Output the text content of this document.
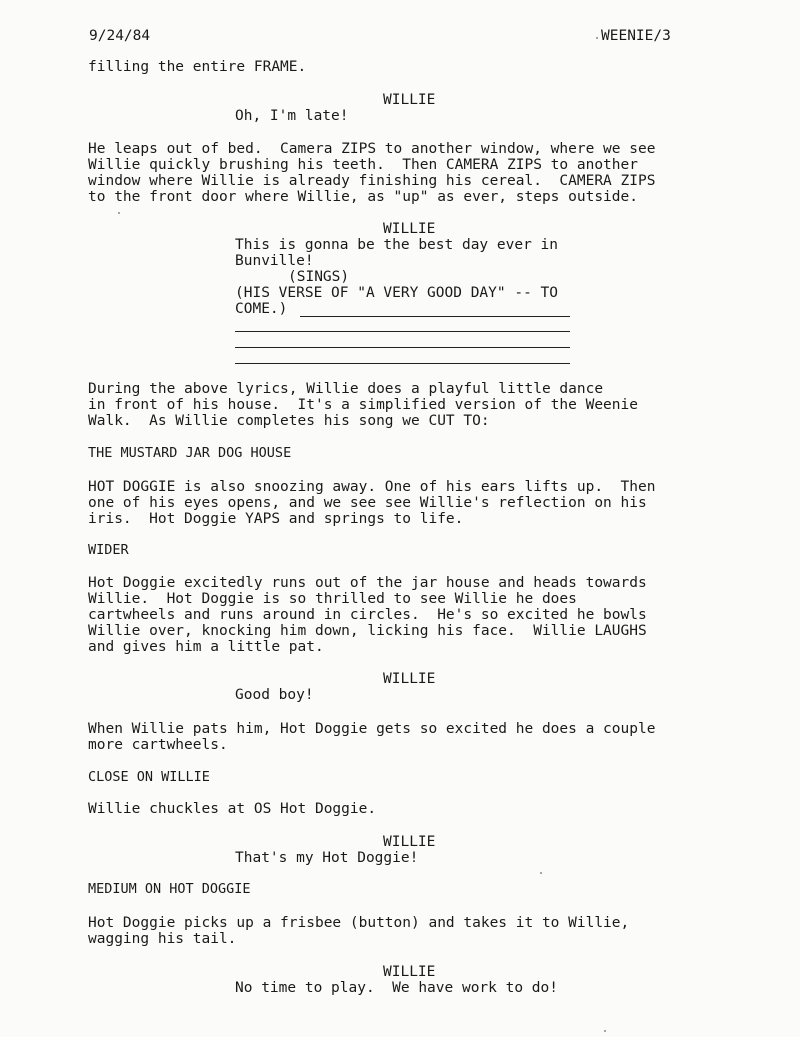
9/24/84	WEENIE/3

filling the entire FRAME.

WILLIE

Oh, I'm late!

He leaps out of bed.  Camera ZIPS to another window, where we see

Willie quickly brushing his teeth.  Then CAMERA ZIPS to another

window where Willie is already finishing his cereal.  CAMERA ZIPS

to the front door where Willie, as "up" as ever, steps outside.

WILLIE

This is gonna be the best day ever in

Bunville!

(SINGS)

(HIS VERSE OF "A VERY GOOD DAY" -- TO

COME.)

During the above lyrics, Willie does a playful little dance

in front of his house.  It's a simplified version of the Weenie

Walk.  As Willie completes his song we CUT TO:

THE MUSTARD JAR DOG HOUSE

HOT DOGGIE is also snoozing away. One of his ears lifts up.  Then

one of his eyes opens, and we see see Willie's reflection on his

iris.  Hot Doggie YAPS and springs to life.

WIDER

Hot Doggie excitedly runs out of the jar house and heads towards

Willie.  Hot Doggie is so thrilled to see Willie he does

cartwheels and runs around in circles.  He's so excited he bowls

Willie over, knocking him down, licking his face.  Willie LAUGHS

and gives him a little pat.

WILLIE

Good boy!

When Willie pats him, Hot Doggie gets so excited he does a couple

more cartwheels.

CLOSE ON WILLIE

Willie chuckles at OS Hot Doggie.

WILLIE

That's my Hot Doggie!

MEDIUM ON HOT DOGGIE

Hot Doggie picks up a frisbee (button) and takes it to Willie,

wagging his tail.

WILLIE

No time to play.  We have work to do!
